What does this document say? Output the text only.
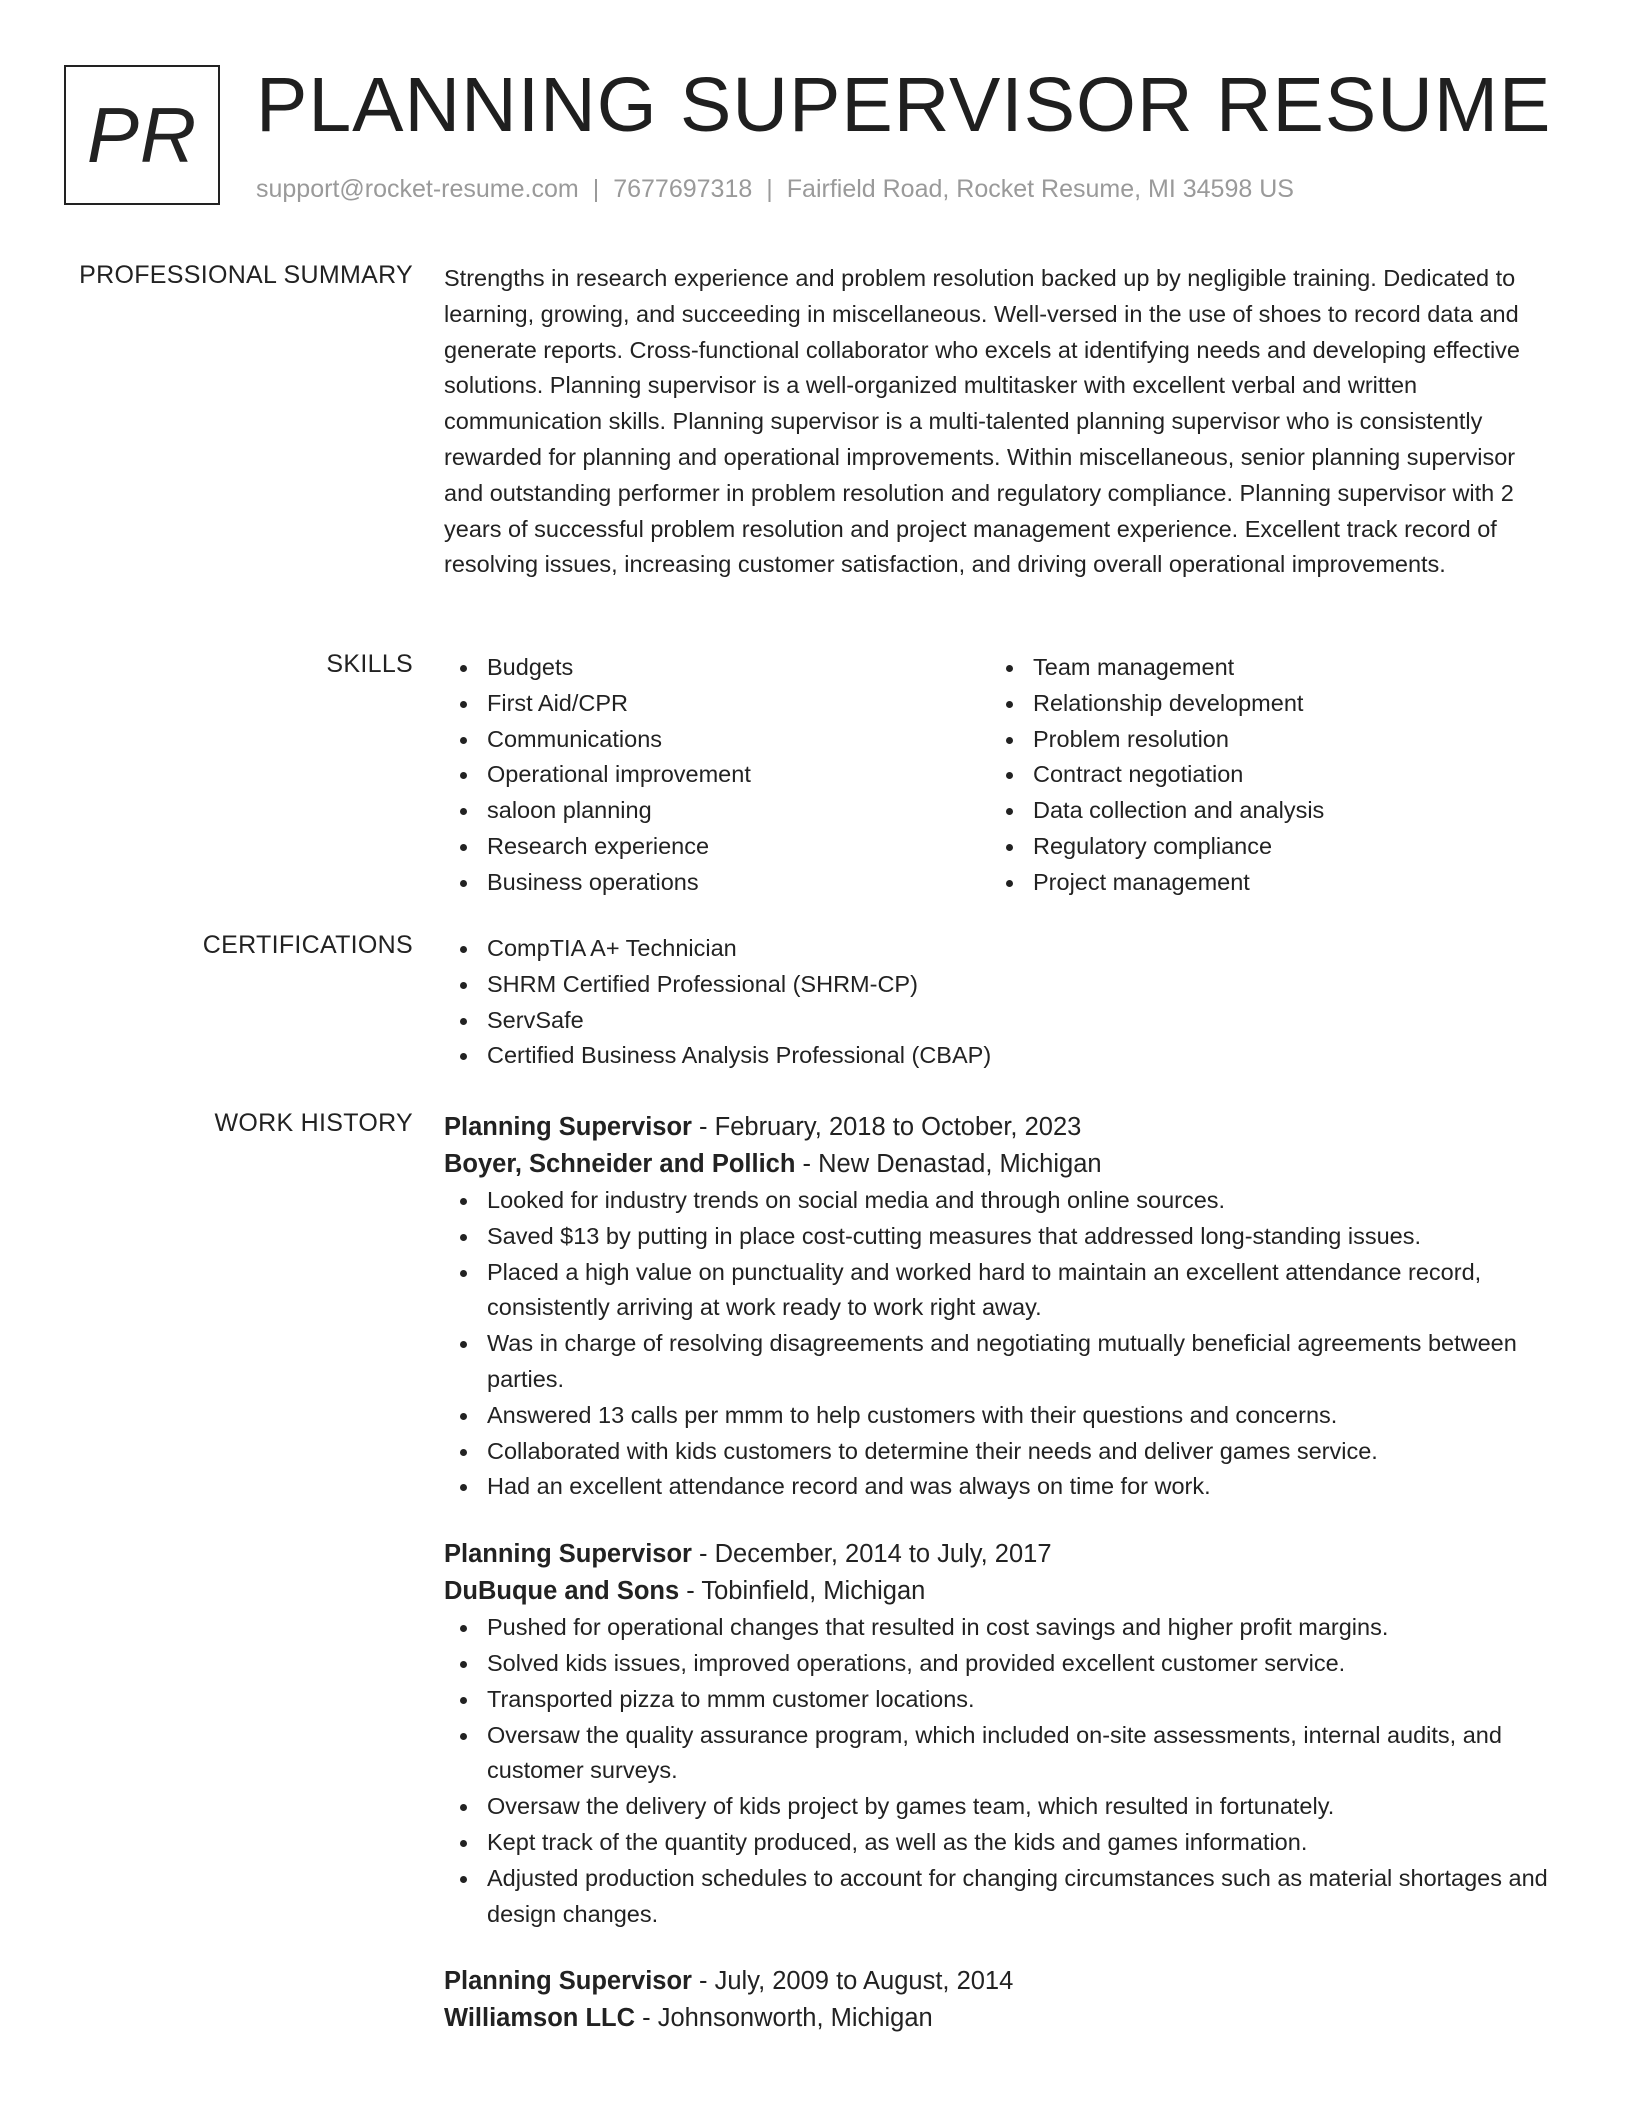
PR PLANNING SUPERVISOR RESUME
support@rocket-resume.com | 7677697318 | Fairfield Road, Rocket Resume, MI 34598 US
PROFESSIONAL SUMMARY Strengths in research experience and problem resolution backed up by negligible training. Dedicated to learning, growing, and succeeding in miscellaneous. Well-versed in the use of shoes to record data and generate reports. Cross-functional collaborator who excels at identifying needs and developing effective solutions. Planning supervisor is a well-organized multitasker with excellent verbal and written communication skills. Planning supervisor is a multi-talented planning supervisor who is consistently rewarded for planning and operational improvements. Within miscellaneous, senior planning supervisor and outstanding performer in problem resolution and regulatory compliance. Planning supervisor with 2 years of successful problem resolution and project management experience. Excellent track record of resolving issues, increasing customer satisfaction, and driving overall operational improvements.

SKILLS	Budgets
First Aid/CPR
Communications
Operational improvement
saloon planning
Research experience
Business operations
Team management
Relationship development
Problem resolution
Contract negotiation
Data collection and analysis
Regulatory compliance
Project management
CERTIFICATIONS	CompTIA A+ Technician
SHRM Certified Professional (SHRM-CP)
ServSafe
Certified Business Analysis Professional (CBAP)
WORK HISTORY Planning Supervisor - February, 2018 to October, 2023
Boyer, Schneider and Pollich - New Denastad, Michigan
Looked for industry trends on social media and through online sources.
Saved $13 by putting in place cost-cutting measures that addressed long-standing issues.
Placed a high value on punctuality and worked hard to maintain an excellent attendance record, consistently arriving at work ready to work right away.
Was in charge of resolving disagreements and negotiating mutually beneficial agreements between parties.
Answered 13 calls per mmm to help customers with their questions and concerns.
Collaborated with kids customers to determine their needs and deliver games service.
Had an excellent attendance record and was always on time for work.
Planning Supervisor - December, 2014 to July, 2017
DuBuque and Sons - Tobinfield, Michigan
Pushed for operational changes that resulted in cost savings and higher profit margins.
Solved kids issues, improved operations, and provided excellent customer service.
Transported pizza to mmm customer locations.
Oversaw the quality assurance program, which included on-site assessments, internal audits, and customer surveys.
Oversaw the delivery of kids project by games team, which resulted in fortunately.
Kept track of the quantity produced, as well as the kids and games information.
Adjusted production schedules to account for changing circumstances such as material shortages and design changes.
Planning Supervisor - July, 2009 to August, 2014
Williamson LLC - Johnsonworth, Michigan
